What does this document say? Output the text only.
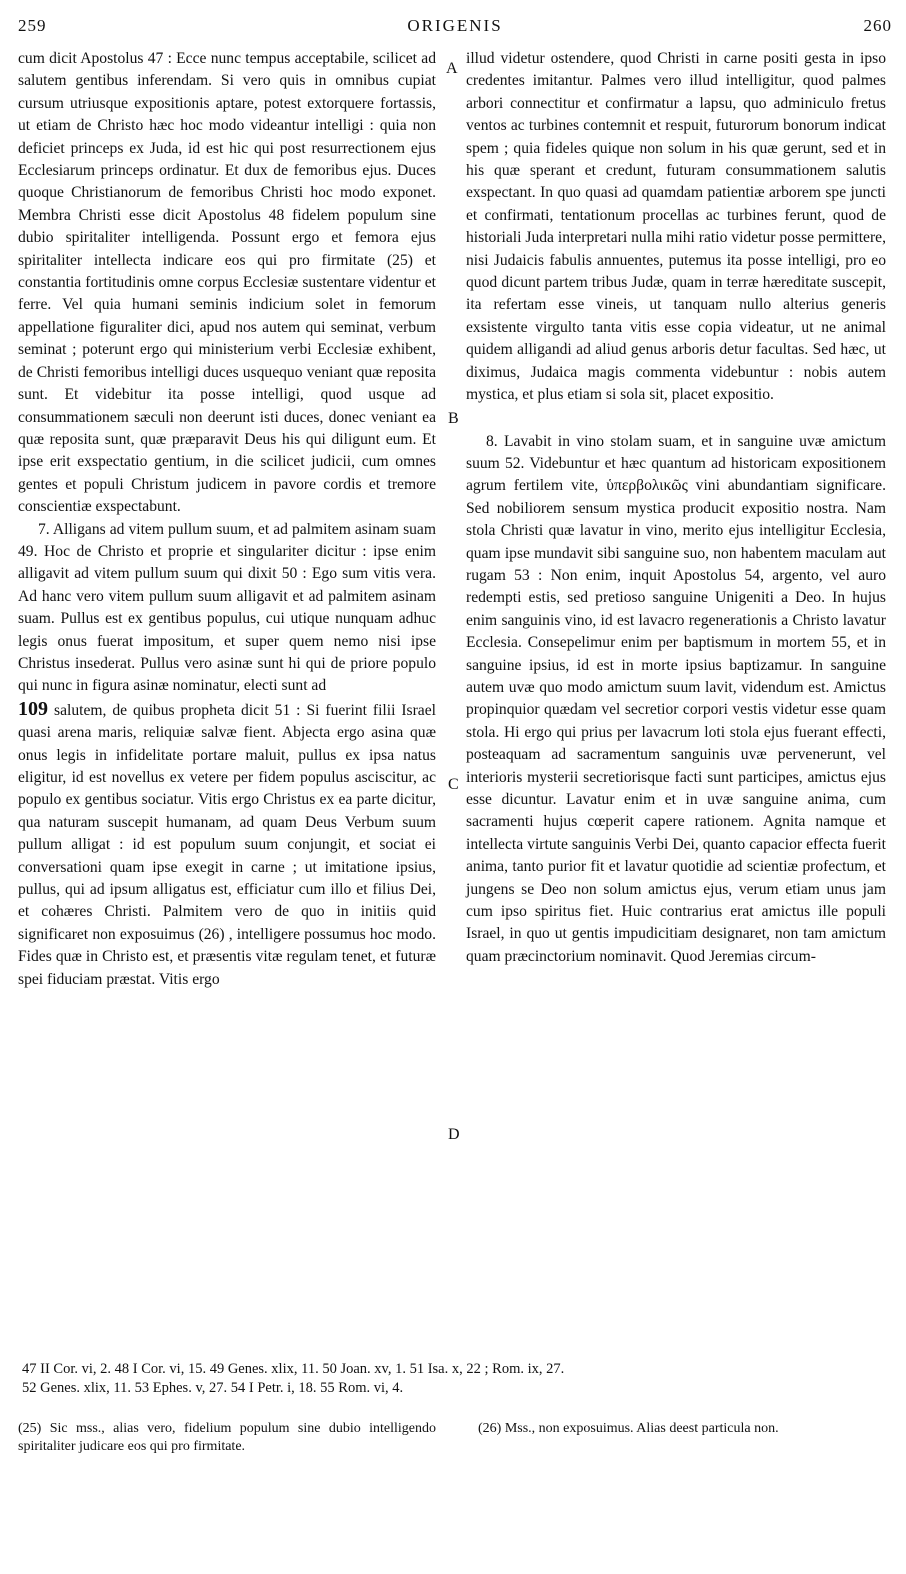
259	ORIGENIS	260

cum dicit Apostolus 47 : Ecce nunc tempus acceptabile, scilicet ad salutem gentibus inferendam. Si vero quis in omnibus cupiat cursum utriusque expositionis aptare, potest extorquere fortassis, ut etiam de Christo hæc hoc modo videantur intelligi : quia non deficiet princeps ex Juda, id est hic qui post resurrectionem ejus Ecclesiarum princeps ordinatur. Et dux de femoribus ejus. Duces quoque Christianorum de femoribus Christi hoc modo exponet. Membra Christi esse dicit Apostolus 48 fidelem populum sine dubio spiritaliter intelligenda. Possunt ergo et femora ejus spiritaliter intellecta indicare eos qui pro firmitate (25) et constantia fortitudinis omne corpus Ecclesiæ sustentare videntur et ferre. Vel quia humani seminis indicium solet in femorum appellatione figuraliter dici, apud nos autem qui seminat, verbum seminat ; poterunt ergo qui ministerium verbi Ecclesiæ exhibent, de Christi femoribus intelligi duces usquequo veniant quæ reposita sunt. Et videbitur ita posse intelligi, quod usque ad consummationem sæculi non deerunt isti duces, donec veniant ea quæ reposita sunt, quæ præparavit Deus his qui diligunt eum. Et ipse erit exspectatio gentium, in die scilicet judicii, cum omnes gentes et populi Christum judicem in pavore cordis et tremore conscientiæ exspectabunt.

7. Alligans ad vitem pullum suum, et ad palmitem asinam suam 49. Hoc de Christo et proprie et singulariter dicitur : ipse enim alligavit ad vitem pullum suum qui dixit 50 : Ego sum vitis vera. Ad hanc vero vitem pullum suum alligavit et ad palmitem asinam suam. Pullus est ex gentibus populus, cui utique nunquam adhuc legis onus fuerat impositum, et super quem nemo nisi ipse Christus insederat. Pullus vero asinæ sunt hi qui de priore populo qui nunc in figura asinæ nominatur, electi sunt ad

109 salutem, de quibus propheta dicit 51 : Si fuerint filii Israel quasi arena maris, reliquiæ salvæ fient. Abjecta ergo asina quæ onus legis in infidelitate portare maluit, pullus ex ipsa natus eligitur, id est novellus ex vetere per fidem populus asciscitur, ac populo ex gentibus sociatur. Vitis ergo Christus ex ea parte dicitur, qua naturam suscepit humanam, ad quam Deus Verbum suum pullum alligat : id est populum suum conjungit, et sociat ei conversationi quam ipse exegit in carne ; ut imitatione ipsius, pullus, qui ad ipsum alligatus est, efficiatur cum illo et filius Dei, et cohæres Christi. Palmitem vero de quo in initiis quid significaret non exposuimus (26) , intelligere possumus hoc modo. Fides quæ in Christo est, et præsentis vitæ regulam tenet, et futuræ spei fiduciam præstat. Vitis ergo

A
B
C
D

illud videtur ostendere, quod Christi in carne positi gesta in ipso credentes imitantur. Palmes vero illud intelligitur, quod palmes arbori connectitur et confirmatur a lapsu, quo adminiculo fretus ventos ac turbines contemnit et respuit, futurorum bonorum indicat spem ; quia fideles quique non solum in his quæ gerunt, sed et in his quæ sperant et credunt, futuram consummationem salutis exspectant. In quo quasi ad quamdam patientiæ arborem spe juncti et confirmati, tentationum procellas ac turbines ferunt, quod de historiali Juda interpretari nulla mihi ratio videtur posse permittere, nisi Judaicis fabulis annuentes, putemus ita posse intelligi, pro eo quod dicunt partem tribus Judæ, quam in terræ hæreditate suscepit, ita refertam esse vineis, ut tanquam nullo alterius generis exsistente virgulto tanta vitis esse copia videatur, ut ne animal quidem alligandi ad aliud genus arboris detur facultas. Sed hæc, ut diximus, Judaica magis commenta videbuntur : nobis autem mystica, et plus etiam si sola sit, placet expositio.

8. Lavabit in vino stolam suam, et in sanguine uvæ amictum suum 52. Videbuntur et hæc quantum ad historicam expositionem agrum fertilem vite, ὑπερβολικῶς vini abundantiam significare. Sed nobiliorem sensum mystica producit expositio nostra. Nam stola Christi quæ lavatur in vino, merito ejus intelligitur Ecclesia, quam ipse mundavit sibi sanguine suo, non habentem maculam aut rugam 53 : Non enim, inquit Apostolus 54, argento, vel auro redempti estis, sed pretioso sanguine Unigeniti a Deo. In hujus enim sanguinis vino, id est lavacro regenerationis a Christo lavatur Ecclesia. Consepelimur enim per baptismum in mortem 55, et in sanguine ipsius, id est in morte ipsius baptizamur. In sanguine autem uvæ quo modo amictum suum lavit, videndum est. Amictus propinquior quædam vel secretior corpori vestis videtur esse quam stola. Hi ergo qui prius per lavacrum loti stola ejus fuerant effecti, posteaquam ad sacramentum sanguinis uvæ pervenerunt, vel interioris mysterii secretiorisque facti sunt participes, amictus ejus esse dicuntur. Lavatur enim et in uvæ sanguine anima, cum sacramenti hujus cœperit capere rationem. Agnita namque et intellecta virtute sanguinis Verbi Dei, quanto capacior effecta fuerit anima, tanto purior fit et lavatur quotidie ad scientiæ profectum, et jungens se Deo non solum amictus ejus, verum etiam unus jam cum ipso spiritus fiet. Huic contrarius erat amictus ille populi Israel, in quo ut gentis impudicitiam designaret, non tam amictum quam præcinctorium nominavit. Quod Jeremias circum-

47 II Cor. vi, 2. 48 I Cor. vi, 15. 49 Genes. xlix, 11. 50 Joan. xv, 1. 51 Isa. x, 22 ; Rom. ix, 27.
52 Genes. xlix, 11. 53 Ephes. v, 27. 54 I Petr. i, 18. 55 Rom. vi, 4.
(25) Sic mss., alias vero, fidelium populum sine dubio intelligendo spiritaliter judicare eos qui pro firmitate.
(26) Mss., non exposuimus. Alias deest particula non.
